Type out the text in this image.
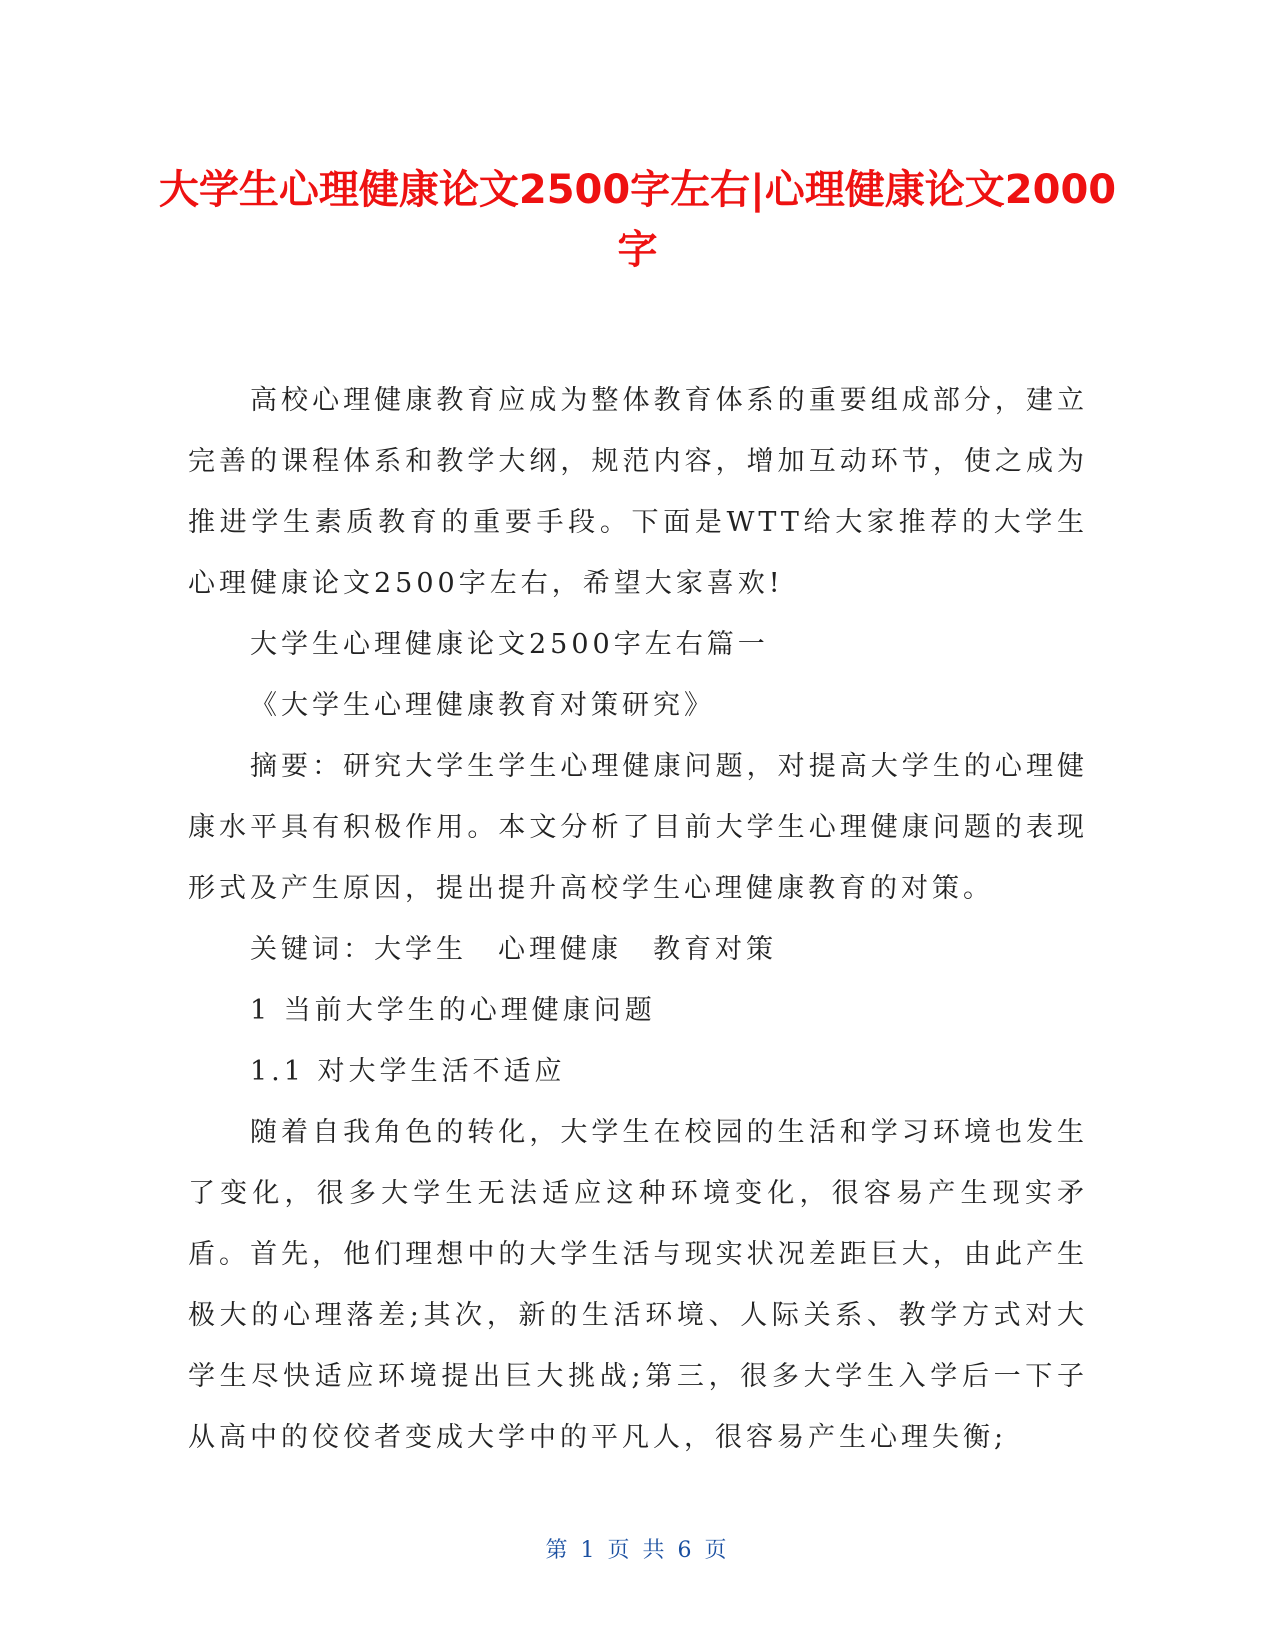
大学生心理健康论文2500字左右|心理健康论文2000字

高校心理健康教育应成为整体教育体系的重要组成部分，建立完善的课程体系和教学大纲，规范内容，增加互动环节，使之成为推进学生素质教育的重要手段。下面是WTT给大家推荐的大学生心理健康论文2500字左右，希望大家喜欢!

大学生心理健康论文2500字左右篇一

《大学生心理健康教育对策研究》

摘要：研究大学生学生心理健康问题，对提高大学生的心理健康水平具有积极作用。本文分析了目前大学生心理健康问题的表现形式及产生原因，提出提升高校学生心理健康教育的对策。

关键词：大学生　心理健康　教育对策

1 当前大学生的心理健康问题

1.1 对大学生活不适应

随着自我角色的转化，大学生在校园的生活和学习环境也发生了变化，很多大学生无法适应这种环境变化，很容易产生现实矛盾。首先，他们理想中的大学生活与现实状况差距巨大，由此产生极大的心理落差;其次，新的生活环境、人际关系、教学方式对大学生尽快适应环境提出巨大挑战;第三，很多大学生入学后一下子从高中的佼佼者变成大学中的平凡人，很容易产生心理失衡;

第 1 页 共 6 页
